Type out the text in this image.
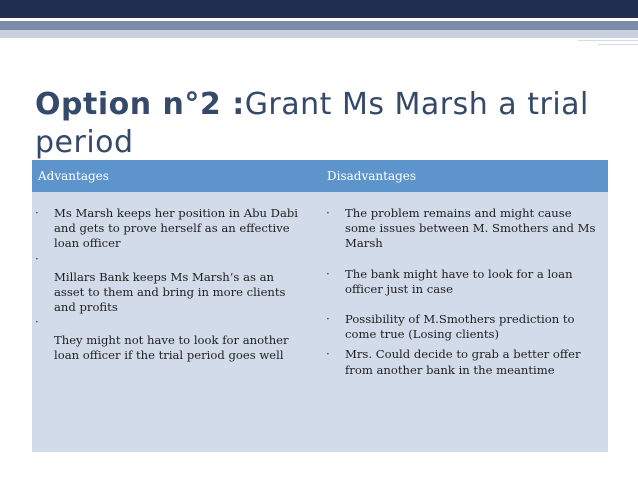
Option n°2 :Grant Ms Marsh a trial period
Advantages	Disadvantages
· Ms Marsh keeps her position in Abu Dabi and gets to prove herself as an effective loan officer
·
Millars Bank keeps Ms Marsh’s as an asset to them and bring in more clients and profits
·
They might not have to look for another loan officer if the trial period goes well
· The problem remains and might cause some issues between M. Smothers and Ms Marsh
· The bank might have to look for a loan officer just in case
· Possibility of M.Smothers prediction to come true (Losing clients)
· Mrs. Could decide to grab a better offer from another bank in the meantime
